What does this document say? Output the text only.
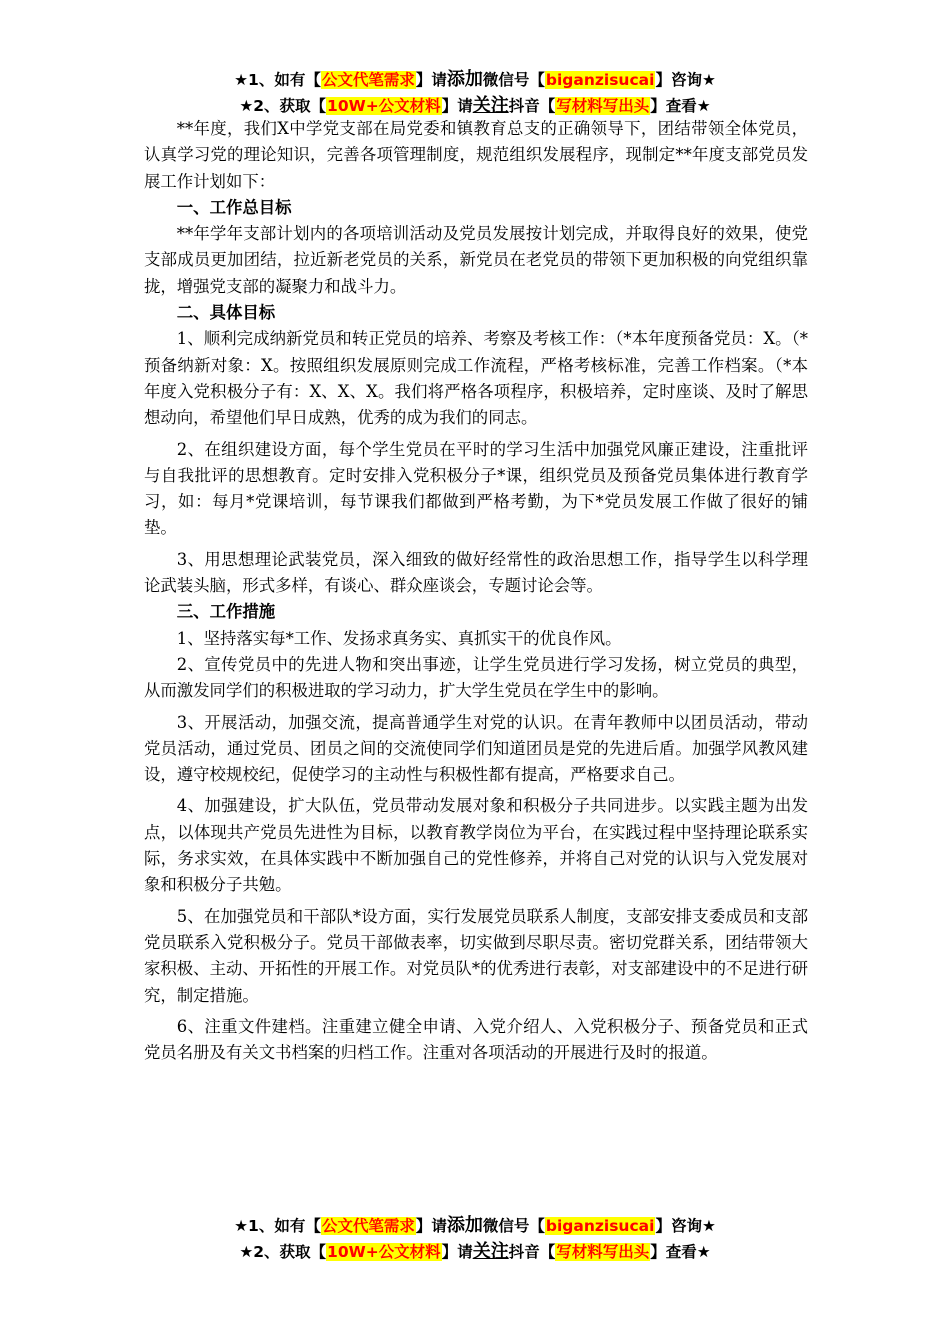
★1、如有【公文代笔需求】请添加微信号【biganzisucai】咨询★
★2、获取【10W+公文材料】请关注抖音【写材料写出头】查看★

**年度，我们X中学党支部在局党委和镇教育总支的正确领导下，团结带领全体党员，认真学习党的理论知识，完善各项管理制度，规范组织发展程序，现制定**年度支部党员发展工作计划如下：

一、工作总目标

**年学年支部计划内的各项培训活动及党员发展按计划完成，并取得良好的效果，使党支部成员更加团结，拉近新老党员的关系，新党员在老党员的带领下更加积极的向党组织靠拢，增强党支部的凝聚力和战斗力。

二、具体目标

1、顺利完成纳新党员和转正党员的培养、考察及考核工作：（*本年度预备党员：X。（*预备纳新对象：X。按照组织发展原则完成工作流程，严格考核标准，完善工作档案。（*本年度入党积极分子有：X、X、X。我们将严格各项程序，积极培养，定时座谈、及时了解思想动向，希望他们早日成熟，优秀的成为我们的同志。

2、在组织建设方面，每个学生党员在平时的学习生活中加强党风廉正建设，注重批评与自我批评的思想教育。定时安排入党积极分子*课，组织党员及预备党员集体进行教育学习，如：每月*党课培训，每节课我们都做到严格考勤，为下*党员发展工作做了很好的铺垫。

3、用思想理论武装党员，深入细致的做好经常性的政治思想工作，指导学生以科学理论武装头脑，形式多样，有谈心、群众座谈会，专题讨论会等。

三、工作措施

1、坚持落实每*工作、发扬求真务实、真抓实干的优良作风。

2、宣传党员中的先进人物和突出事迹，让学生党员进行学习发扬，树立党员的典型，从而激发同学们的积极进取的学习动力，扩大学生党员在学生中的影响。

3、开展活动，加强交流，提高普通学生对党的认识。在青年教师中以团员活动，带动党员活动，通过党员、团员之间的交流使同学们知道团员是党的先进后盾。加强学风教风建设，遵守校规校纪，促使学习的主动性与积极性都有提高，严格要求自己。

4、加强建设，扩大队伍，党员带动发展对象和积极分子共同进步。以实践主题为出发点，以体现共产党员先进性为目标，以教育教学岗位为平台，在实践过程中坚持理论联系实际，务求实效，在具体实践中不断加强自己的党性修养，并将自己对党的认识与入党发展对象和积极分子共勉。

5、在加强党员和干部队*设方面，实行发展党员联系人制度，支部安排支委成员和支部党员联系入党积极分子。党员干部做表率，切实做到尽职尽责。密切党群关系，团结带领大家积极、主动、开拓性的开展工作。对党员队*的优秀进行表彰，对支部建设中的不足进行研究，制定措施。

6、注重文件建档。注重建立健全申请、入党介绍人、入党积极分子、预备党员和正式党员名册及有关文书档案的归档工作。注重对各项活动的开展进行及时的报道。

★1、如有【公文代笔需求】请添加微信号【biganzisucai】咨询★
★2、获取【10W+公文材料】请关注抖音【写材料写出头】查看★
